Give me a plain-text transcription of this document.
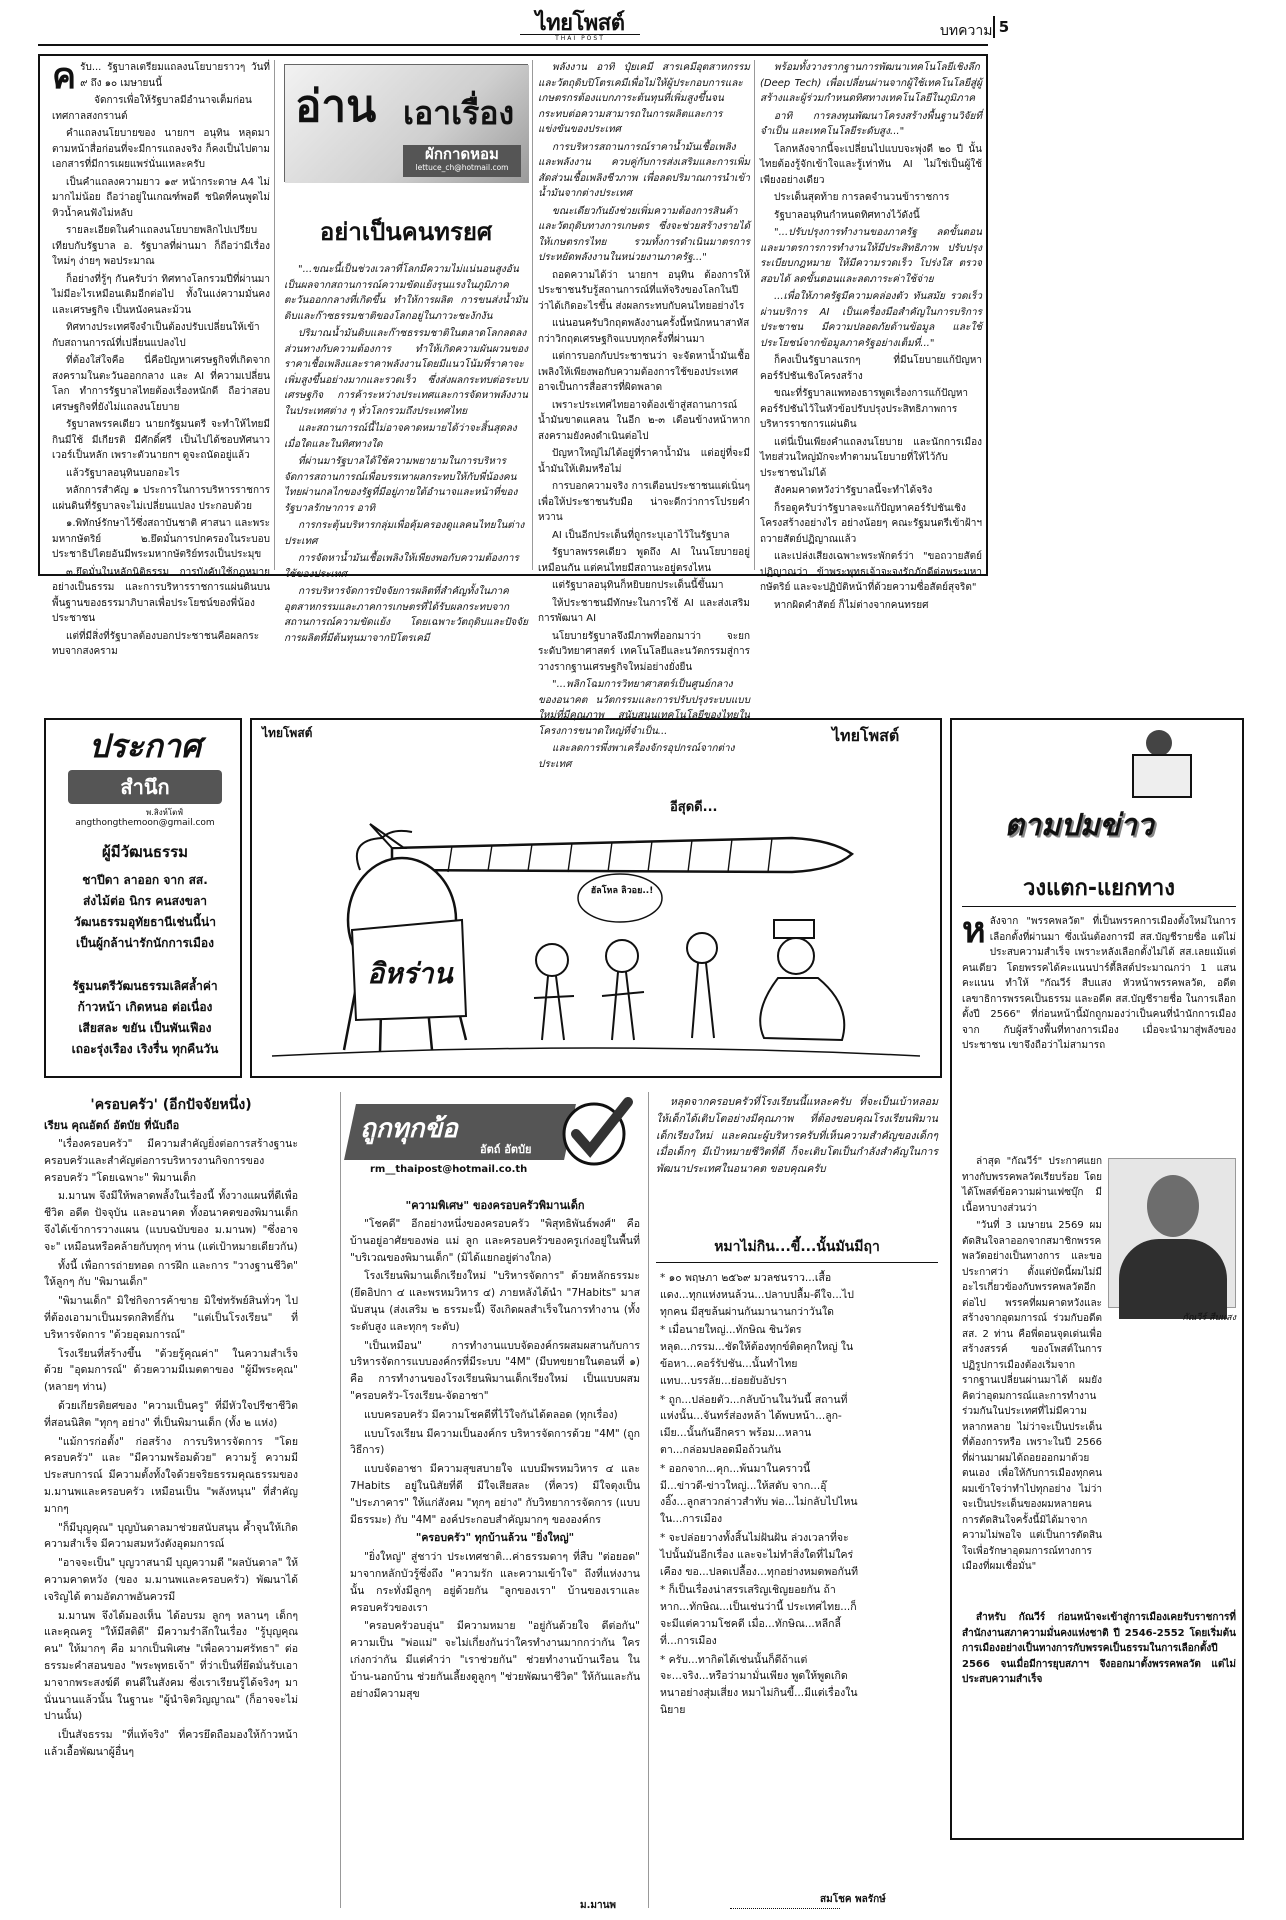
ไทยโพสต์
THAI POST	บทความ 5
ค รับ... รัฐบาลเตรียมแถลงนโยบายราวๆ วันที่ ๙ ถึง ๑๐ เมษายนนี้

จัดการเพื่อให้รัฐบาลมีอำนาจเต็มก่อนเทศกาลสงกรานต์

คำแถลงนโยบายของ นายกฯ อนุทิน หลุดมาตามหน้าสื่อก่อนที่จะมีการแถลงจริง ก็คงเป็นไปตามเอกสารที่มีการเผยแพร่นั่นแหละครับ

เป็นคำแถลงความยาว ๑๙ หน้ากระดาษ A4 ไม่มากไม่น้อย ถือว่าอยู่ในเกณฑ์พอดี ชนิดที่คนพูดไม่หิวน้ำคนฟังไม่หลับ

รายละเอียดในคำแถลงนโยบายพลิกไปเปรียบเทียบกับรัฐบาล อ. รัฐบาลที่ผ่านมา ก็ถือว่ามีเรื่องใหม่ๆ ง่ายๆ พอประมาณ

ก็อย่างที่รู้ๆ กันครับว่า ทิศทางโลกรวมปีที่ผ่านมา ไม่มีอะไรเหมือนเดิมอีกต่อไป ทั้งในแง่ความมั่นคงและเศรษฐกิจ เป็นหนังคนละม้วน

ทิศทางประเทศจึงจำเป็นต้องปรับเปลี่ยนให้เข้ากับสถานการณ์ที่เปลี่ยนแปลงไป

ที่ต้องใส่ใจคือ นี่คือปัญหาเศรษฐกิจที่เกิดจากสงครามในตะวันออกกลาง และ AI ที่ความเปลี่ยนโลก ทำการรัฐบาลไทยต้องเรื่องหนักดี ถือว่าสอบเศรษฐกิจที่ยังไม่แถลงนโยบาย

รัฐบาลพรรคเดียว นายกรัฐมนตรี จะทำให้ไทยมีกินมีใช้ มีเกียรติ มีศักดิ์ศรี เป็นไปได้ชอบทัศนาวเวอร์เป็นหลัก เพราะตัวนายกฯ ดูจะถนัดอยู่แล้ว

แล้วรัฐบาลอนุทินบอกอะไร

หลักการสำคัญ ๑ ประการในการบริหารราชการแผ่นดินที่รัฐบาลจะไม่เปลี่ยนแปลง ประกอบด้วย

๑.พิทักษ์รักษาไว้ซึ่งสถาบันชาติ ศาสนา และพระมหากษัตริย์ ๒.ยึดมั่นการปกครองในระบอบประชาธิปไตยอันมีพระมหากษัตริย์ทรงเป็นประมุข

๓.ยึดมั่นในหลักนิติธรรม การบังคับใช้กฎหมายอย่างเป็นธรรม และการบริหารราชการแผ่นดินบนพื้นฐานของธรรมาภิบาลเพื่อประโยชน์ของพี่น้องประชาชน

แต่ที่มีสิ่งที่รัฐบาลต้องบอกประชาชนคือผลกระทบจากสงคราม

อ่าน เอาเรื่อง
ผักกาดหอม
lettuce_ch@hotmail.com
อย่าเป็นคนทรยศ

"...ขณะนี้เป็นช่วงเวลาที่โลกมีความไม่แน่นอนสูงอันเป็นผลจากสถานการณ์ความขัดแย้งรุนแรงในภูมิภาคตะวันออกกลางที่เกิดขึ้น ทำให้การผลิต การขนส่งน้ำมันดิบและก๊าซธรรมชาติของโลกอยู่ในภาวะชะงักงัน

ปริมาณน้ำมันดิบและก๊าซธรรมชาติในตลาดโลกลดลงส่วนทางกับความต้องการ ทำให้เกิดความผันผวนของราคาเชื้อเพลิงและราคาพลังงานโดยมีแนวโน้มที่ราคาจะเพิ่มสูงขึ้นอย่างมากและรวดเร็ว ซึ่งส่งผลกระทบต่อระบบเศรษฐกิจ การค้าระหว่างประเทศและการจัดหาพลังงานในประเทศต่าง ๆ ทั่วโลกรวมถึงประเทศไทย

และสถานการณ์นี้ไม่อาจคาดหมายได้ว่าจะสิ้นสุดลงเมื่อใดและในทิศทางใด

ที่ผ่านมารัฐบาลได้ใช้ความพยายามในการบริหารจัดการสถานการณ์เพื่อบรรเทาผลกระทบให้กับพี่น้องคนไทยผ่านกลไกของรัฐที่มีอยู่ภายใต้อำนาจและหน้าที่ของรัฐบาลรักษาการ อาทิ

การกระตุ้นบริหารกลุ่มเพื่อคุ้มครองดูแลคนไทยในต่างประเทศ

การจัดหาน้ำมันเชื้อเพลิงให้เพียงพอกับความต้องการใช้ของประเทศ

การบริหารจัดการปัจจัยการผลิตที่สำคัญทั้งในภาคอุตสาหกรรมและภาคการเกษตรที่ได้รับผลกระทบจากสถานการณ์ความขัดแย้ง โดยเฉพาะวัตถุดิบและปัจจัยการผลิตที่มีต้นทุนมาจากปิโตรเคมี

พลังงาน อาทิ ปุ๋ยเคมี สารเคมีอุตสาหกรรม และวัตถุดิบปิโตรเคมีเพื่อไม่ให้ผู้ประกอบการและเกษตรกรต้องแบกภาระต้นทุนที่เพิ่มสูงขึ้นจนกระทบต่อความสามารถในการผลิตและการแข่งขันของประเทศ

การบริหารสถานการณ์ราคาน้ำมันเชื้อเพลิงและพลังงาน ควบคู่กับการส่งเสริมและการเพิ่มสัดส่วนเชื้อเพลิงชีวภาพ เพื่อลดปริมาณการนำเข้าน้ำมันจากต่างประเทศ

ขณะเดียวกันยังช่วยเพิ่มความต้องการสินค้าและวัตถุดิบทางการเกษตร ซึ่งจะช่วยสร้างรายได้ให้เกษตรกรไทย รวมทั้งการดำเนินมาตรการประหยัดพลังงานในหน่วยงานภาครัฐ..."

ถอดความได้ว่า นายกฯ อนุทิน ต้องการให้ประชาชนรับรู้สถานการณ์ที่แท้จริงของโลกในปี ว่าได้เกิดอะไรขึ้น ส่งผลกระทบกับคนไทยอย่างไร

แน่นอนครับวิกฤตพลังงานครั้งนี้หนักหนาสาหัสกว่าวิกฤตเศรษฐกิจแบบทุกครั้งที่ผ่านมา

แต่การบอกกับประชาชนว่า จะจัดหาน้ำมันเชื้อเพลิงให้เพียงพอกับความต้องการใช้ของประเทศ อาจเป็นการสื่อสารที่ผิดพลาด

เพราะประเทศไทยอาจต้องเข้าสู่สถานการณ์น้ำมันขาดแคลน ในอีก ๒-๓ เดือนข้างหน้าหากสงครามยังคงดำเนินต่อไป

ปัญหาใหญ่ไม่ได้อยู่ที่ราคาน้ำมัน แต่อยู่ที่จะมีน้ำมันให้เติมหรือไม่

การบอกความจริง การเตือนประชาชนแต่เนิ่นๆ เพื่อให้ประชาชนรับมือ น่าจะดีกว่าการโปรยคำหวาน

AI เป็นอีกประเด็นที่ถูกระบุเอาไว้ในรัฐบาล

รัฐบาลพรรคเดียว พูดถึง AI ในนโยบายอยู่เหมือนกัน แต่คนไทยมีสถานะอยู่ตรงไหน

แต่รัฐบาลอนุทินก็หยิบยกประเด็นนี้ขึ้นมา

ให้ประชาชนมีทักษะในการใช้ AI และส่งเสริมการพัฒนา AI

นโยบายรัฐบาลจึงมีภาพที่ออกมาว่า จะยกระดับวิทยาศาสตร์ เทคโนโลยีและนวัตกรรมสู่การวางรากฐานเศรษฐกิจใหม่อย่างยั่งยืน

"...พลิกโฉมการวิทยาศาสตร์เป็นศูนย์กลางของอนาคต นวัตกรรมและการปรับปรุงระบบแบบใหม่ที่มีคุณภาพ สนับสนุนเทคโนโลยีของไทยในโครงการขนาดใหญ่ที่จำเป็น...

และลดการพึ่งพาเครื่องจักรอุปกรณ์จากต่างประเทศ

พร้อมทั้งวางรากฐานการพัฒนาเทคโนโลยีเชิงลึก (Deep Tech) เพื่อเปลี่ยนผ่านจากผู้ใช้เทคโนโลยีสู่ผู้สร้างและผู้ร่วมกำหนดทิศทางเทคโนโลยีในภูมิภาค

อาทิ การลงทุนพัฒนาโครงสร้างพื้นฐานวิจัยที่จำเป็น และเทคโนโลยีระดับสูง..."

โลกหลังจากนี้จะเปลี่ยนไปแบบจะพุ่งดี ๒๐ ปี นั้นไทยต้องรู้จักเข้าใจและรู้เท่าทัน AI ไม่ใช่เป็นผู้ใช้เพียงอย่างเดียว

ประเด็นสุดท้าย การลดจำนวนข้าราชการ

รัฐบาลอนุทินกำหนดทิศทางไว้ดังนี้

"...ปรับปรุงการทำงานของภาครัฐ ลดขั้นตอนและมาตรการการทำงานให้มีประสิทธิภาพ ปรับปรุงระเบียบกฎหมาย ให้มีความรวดเร็ว โปร่งใส ตรวจสอบได้ ลดขั้นตอนและลดภาระค่าใช้จ่าย

...เพื่อให้ภาครัฐมีความคล่องตัว ทันสมัย รวดเร็ว ผ่านบริการ AI เป็นเครื่องมือสำคัญในการบริการประชาชน มีความปลอดภัยด้านข้อมูล และใช้ประโยชน์จากข้อมูลภาครัฐอย่างเต็มที่..."

ก็คงเป็นรัฐบาลแรกๆ ที่มีนโยบายแก้ปัญหาคอร์รัปชันเชิงโครงสร้าง

ขณะที่รัฐบาลแพทองธารพูดเรื่องการแก้ปัญหาคอร์รัปชันไว้ในหัวข้อปรับปรุงประสิทธิภาพการบริหารราชการแผ่นดิน

แต่นี่เป็นเพียงคำแถลงนโยบาย และนักการเมืองไทยส่วนใหญ่มักจะทำตามนโยบายที่ให้ไว้กับประชาชนไม่ได้

สังคมคาดหวังว่ารัฐบาลนี้จะทำได้จริง

ก็รอดูครับว่ารัฐบาลจะแก้ปัญหาคอร์รัปชันเชิงโครงสร้างอย่างไร อย่างน้อยๆ คณะรัฐมนตรีเข้าฝ้าฯ ถวายสัตย์ปฏิญาณแล้ว

และเปล่งเสียงเฉพาะพระพักตร์ว่า "ขอถวายสัตย์ปฏิญาณว่า ข้าพระพุทธเจ้าจะจงรักภักดีต่อพระมหากษัตริย์ และจะปฏิบัติหน้าที่ด้วยความซื่อสัตย์สุจริต"

หากผิดคำสัตย์ ก็ไม่ต่างจากคนทรยศ

ประกาศ
สำนึก
พ.สิงห์โตฟ์
angthongthemoon@gmail.com
ผู้มีวัฒนธรรม
ชาปีดา ลาออก จาก สส.
ส่งไม้ต่อ นิกร คนสงขลา
วัฒนธรรมอุทัยธานีเช่นนี้น่า
เป็นผู้กล้าน่ารักนักการเมือง
รัฐมนตรีวัฒนธรรมเลิศล้ำค่า
ก้าวหน้า เกิดหนอ ต่อเนื่อง
เสียสละ ขยัน เป็นพันเฟือง
เถอะรุ่งเรือง เริงรื่น ทุกคืนวัน
ไทยโพสต์	ไทยโพสต์
อิหร่าน
อีสุดดี...
ฮัลโหล ลิวอย..!
ตามปมข่าว
วงแตก-แยกทาง
ห ลังจาก "พรรคพลวัต" ที่เป็นพรรคการเมืองตั้งใหม่ในการเลือกตั้งที่ผ่านมา ซึ่งเน้นต้องการมี สส.บัญชีรายชื่อ แต่ไม่ประสบความสำเร็จ เพราะหลังเลือกตั้งไม่ได้ สส.เลยแม้แต่คนเดียว โดยพรรคได้คะแนนปาร์ตี้ลิสต์ประมาณกว่า 1 แสนคะแนน ทำให้ "กัณวีร์ สืบแสง หัวหน้าพรรคพลวัต, อดีตเลขาธิการพรรคเป็นธรรม และอดีต สส.บัญชีรายชื่อ ในการเลือกตั้งปี 2566" ที่ก่อนหน้านี้มักถูกมองว่าเป็นคนที่นำนักการเมืองจาก กับผู้สร้างพื้นที่ทางการเมือง เมื่อจะนำมาสู่พลังของประชาชน เขาจึงถือว่าไม่สามารถ

ล่าสุด "กัณวีร์" ประกาศแยกทางกับพรรคพลวัตเรียบร้อย โดยได้โพสต์ข้อความผ่านเฟซบุ๊ก มีเนื้อหาบางส่วนว่า

"วันที่ 3 เมษายน 2569 ผมตัดสินใจลาออกจากสมาชิกพรรคพลวัตอย่างเป็นทางการ และขอประกาศว่า ตั้งแต่บัดนี้ผมไม่มีอะไรเกี่ยวข้องกับพรรคพลวัตอีกต่อไป พรรคที่ผมคาดหวังและสร้างจากอุดมการณ์ ร่วมกับอดีต สส. 2 ท่าน คือพี่ดอนจุดเด่นเพื่อสร้างสรรค์ ของโพสต์ในการปฏิรูปการเมืองต้องเริ่มจากรากฐานเปลี่ยนผ่านมาได้ ผมยังคิดว่าอุดมการณ์และการทำงานร่วมกันในประเทศที่ไม่มีความหลากหลาย ไม่ว่าจะเป็นประเด็นที่ต้องการหรือ เพราะในปี 2566 ที่ผ่านมาผมได้ถอยออกมาด้วยตนเอง เพื่อให้กับการเมืองทุกคน ผมเข้าใจว่าทำไปทุกอย่าง ไม่ว่าจะเป็นประเด็นของผมหลายคน การตัดสินใจครั้งนี้มิได้มาจากความไม่พอใจ แต่เป็นการตัดสินใจเพื่อรักษาอุดมการณ์ทางการเมืองที่ผมเชื่อมั่น"

กัณวีร์ สืบแสง

สำหรับ กัณวีร์ ก่อนหน้าจะเข้าสู่การเมืองเคยรับราชการที่สำนักงานสภาความมั่นคงแห่งชาติ ปี 2546-2552 โดยเริ่มต้นการเมืองอย่างเป็นทางการกับพรรคเป็นธรรมในการเลือกตั้งปี 2566 จนเมื่อมีการยุบสภาฯ จึงออกมาตั้งพรรคพลวัต แต่ไม่ประสบความสำเร็จ

'ครอบครัว' (อีกปัจจัยหนึ่ง)
เรียน คุณอัตถ์ อัตบัย ที่นับถือ

"เรื่องครอบครัว" มีความสำคัญยิ่งต่อการสร้างฐานะครอบครัวและสำคัญต่อการบริหารงานกิจการของครอบครัว "โดยเฉพาะ" พิมานเด็ก

ม.มานพ จึงมีให้พลาดพลั้งในเรื่องนี้ ทั้งวางแผนที่ดีเพื่อชีวิต อดีต ปัจจุบัน และอนาคต ทั้งอนาคตของพิมานเด็ก จึงได้เข้าการวางแผน (แบบฉบับของ ม.มานพ) "ซึ่งอาจจะ" เหมือนหรือคล้ายกับทุกๆ ท่าน (แต่เป้าหมายเดียวกัน)

ทั้งนี้ เพื่อการถ่ายทอด การฝึก และการ "วางฐานชีวิต" ให้ลูกๆ กับ "พิมานเด็ก"

"พิมานเด็ก" มิใช่กิจการค้าขาย มิใช่ทรัพย์สินทั่วๆ ไป ที่ต้องเอามาเป็นมรดกสิทธิ์กัน "แต่เป็นโรงเรียน" ที่บริหารจัดการ "ด้วยอุดมการณ์"

โรงเรียนที่สร้างขึ้น "ด้วยรู้คุณค่า" ในความสำเร็จ ด้วย "อุดมการณ์" ด้วยความมีเมตตาของ "ผู้มีพระคุณ" (หลายๆ ท่าน)

ด้วยเกียรติยศของ "ความเป็นครู" ที่มีหัวใจปรีชาชีวิตที่สอนนิสิต "ทุกๆ อย่าง" ที่เป็นพิมานเด็ก (ทั้ง ๒ แห่ง)

"แม้การก่อตั้ง" ก่อสร้าง การบริหารจัดการ "โดยครอบครัว" และ "มีความพร้อมด้วย" ความรู้ ความมีประสบการณ์ มีความตั้งทั้งใจด้วยจริยธรรมคุณธรรมของ ม.มานพและครอบครัว เหมือนเป็น "พลังหนุน" ที่สำคัญมากๆ

"ก็มีบุญคุณ" บุญบันดาลมาช่วยสนับสนุน ค้ำจุนให้เกิดความสำเร็จ มีความสมหวังดังอุดมการณ์

"อาจจะเป็น" บุญวาสนามี บุญความดี "ผลบันดาล" ให้ความคาดหวัง (ของ ม.มานพและครอบครัว) พัฒนาได้เจริญได้ ตามอัตภาพอันควรมี

ม.มานพ จึงได้มองเห็น ได้อบรม ลูกๆ หลานๆ เด็กๆ และคุณครู "ให้มีสติดี" มีความรำลึกในเรื่อง "รู้บุญคุณคน" ให้มากๆ คือ มากเป็นพิเศษ "เพื่อความศรัทธา" ต่อธรรมะคำสอนของ "พระพุทธเจ้า" ที่ว่าเป็นที่ยึดมั่นรับเอามาจากพระสงฆ์ดี ตนดีในสังคม ซึ่งเราเรียนรู้ได้จริงๆ มานั่นนานแล้วนั้น ในฐานะ "ผู้นำจิตวิญญาณ" (ก็อาจจะไม่ปานนั้น)

เป็นสัจธรรม "ที่แท้จริง" ที่ควรยึดถือมองให้ก้าวหน้าแล้วเอื้อพัฒนาผู้อื่นๆ

ถูกทุกข้อ
อัตถ์ อัตบัย
rm__thaipost@hotmail.co.th
"ความพิเศษ" ของครอบครัวพิมานเด็ก

"โชคดี" อีกอย่างหนึ่งของครอบครัว "พิสุทธิพันธ์พงศ์" คือ บ้านอยู่อาศัยของพ่อ แม่ ลูก และครอบครัวของครูเก่งอยู่ในพื้นที่ "บริเวณของพิมานเด็ก" (มิได้แยกอยู่ต่างใกล)

โรงเรียนพิมานเด็กเรียงใหม่ "บริหารจัดการ" ด้วยหลักธรรมะ (ยึดอิปกา ๔ และพรหมวิหาร ๔) ภายหลังได้นำ "7Habits" มาสนับสนุน (ส่งเสริม ๒ ธรรมะนี้) จึงเกิดผลสำเร็จในการทำงาน (ทั้งระดับสูง และทุกๆ ระดับ)

"เป็นเหมือน" การทำงานแบบจัดองค์กรผสมผสานกับการบริหารจัดการแบบองค์กรที่มีระบบ "4M" (มีบทขยายในตอนที่ ๑) คือ การทำงานของโรงเรียนพิมานเด็กเรียงใหม่ เป็นแบบผสม "ครอบครัว-โรงเรียน-จัดอาชา"

แบบครอบครัว มีความโชคดีที่ไว้ใจกันได้ตลอด (ทุกเรื่อง)

แบบโรงเรียน มีความเป็นองค์กร บริหารจัดการด้วย "4M" (ถูกวิธีการ)

แบบจัดอาชา มีความสุขสบายใจ แบบมีพรหมวิหาร ๔ และ 7Habits อยู่ในนิสัยที่ดี มีใจเสียสละ (ที่ควร) มีใจตุงเป็น "ประภาคาร" ให้แก่สังคม "ทุกๆ อย่าง" กับวิทยาการจัดการ (แบบมีธรรมะ) กับ "4M" องค์ประกอบสำคัญมากๆ ขององค์กร

"ครอบครัว" ทุกบ้านล้วน "ยิ่งใหญ่"

"ยิ่งใหญ่" สู่ชาว่า ประเทศชาติ...ค่าธรรมดาๆ ที่สืบ "ต่อยอด" มาจากหลักบัวรู้ซึ่งถึง "ความรัก และความเข้าใจ" ถึงที่แห่งงานนั้น กระทั่งมีลูกๆ อยู่ด้วยกัน "ลูกของเรา" บ้านของเราและครอบครัวของเรา

"ครอบครัวอบอุ่น" มีความหมาย "อยู่กันด้วยใจ ดีต่อกัน" ความเป็น "พ่อแม่" จะไม่เกี่ยงกันว่าใครทำงานมากกว่ากัน ใครเก่งกว่ากัน มีแต่คำว่า "เราช่วยกัน" ช่วยทำงานบ้านเรือน ในบ้าน-นอกบ้าน ช่วยกันเลี้ยงดูลูกๆ "ช่วยพัฒนาชีวิต" ให้กันและกันอย่างมีความสุข

ม.มานพ

หลุดจากครอบครัวที่โรงเรียนนี้แหละครับ ที่จะเป็นเบ้าหลอมให้เด็กได้เติบโตอย่างมีคุณภาพ ที่ต้องขอบคุณโรงเรียนพิมานเด็กเรียงใหม่ และคณะผู้บริหารครับที่เห็นความสำคัญของเด็กๆ เมื่อเด็กๆ มีเป้าหมายชีวิตที่ดี ก็จะเติบโตเป็นกำลังสำคัญในการพัฒนาประเทศในอนาคต ขอบคุณครับ

หมาไม่กิน...ขี้...นั้นมันมีฤา

* ๑๐ พฤษภา ๒๕๖๙ มวลชนราว...เสื้อแดง...ทุกแห่งหนล้วน...ปลาบปลื้ม-ดีใจ...ไปทุกคน มีสุขล้นผ่านกันมานานกว่าวันใด

* เมื่อนายใหญ่...ทักษิณ ชินวัตร หลุด...กรรม...ชัดให้ต้องทุกข์ติดคุกใหญ่ ในข้อหา...คอร์รัปชัน...นั้นทำไทย แทบ...บรรลัย...ย่อยยับอัปรา

* ถูก...ปล่อยตัว...กลับบ้านในวันนี้ สถานที่แห่งนั้น...จันทร์ส่องหล้า ได้พบหน้า...ลูก-เมีย...นั้นกันอีกครา พร้อม...หลานตา...กล่อมปลอดมือถ้วนกัน

* ออกจาก...คุก...พ้นมาในคราวนี้ มี...ข่าวดี-ข่าวใหญ่...ให้สดับ จาก...อุ๊งอิ๊ง...ลูกสาวกล่าวสำทับ พ่อ...ไม่กลับไปไหนใน...การเมือง

* จะปล่อยวางทั้งสิ้นไม่ฝันฝัน ล่วงเวลาที่จะไปนั้นมันอีกเรื่อง และจะไม่ทำสิ่งใดที่ไม่ใคร่เคือง ขอ...ปลดเปลื้อง...ทุกอย่างหมดพอกันที

* ก็เป็นเรื่องน่าสรรเสริญเชิญยอยกัน ถ้าหาก...ทักษิณ...เป็นเช่นว่านี้ ประเทศไทย...ก็จะมีแต่ความโชคดี เมื่อ...ทักษิณ...หลีกลี้ที่...การเมือง

* ครับ...ทากิตได้เช่นนั้นก็ดีถ้าแต่จะ...จริง...หรือว่ามามั่นเพียง พูดให้พูดเกิดหนาอย่างสุ่มเสี่ยง หมาไม่กินขี้...มีแต่เรื่องในนิยาย

สมโชค พลรักษ์
